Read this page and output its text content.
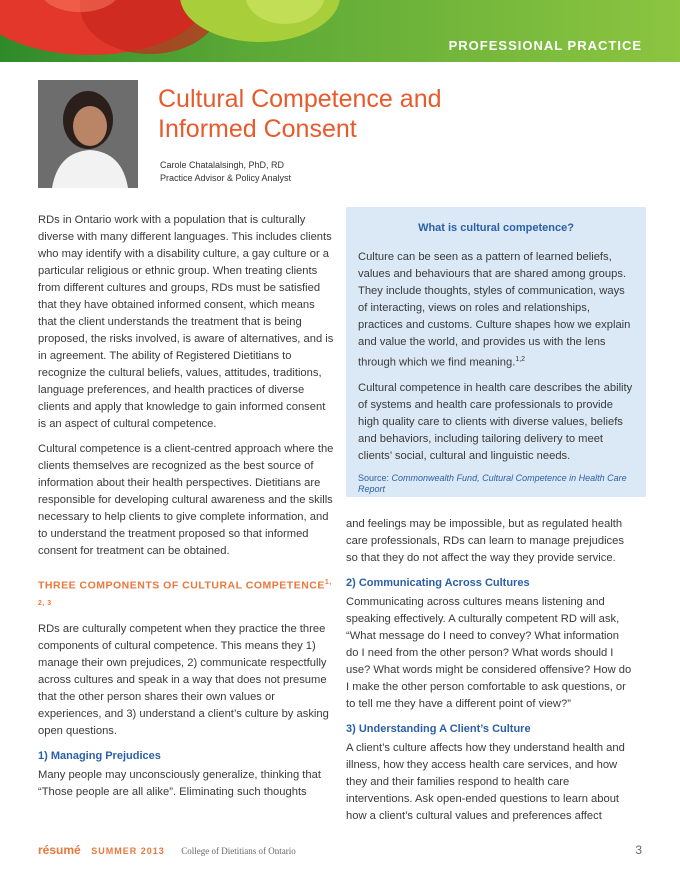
PROFESSIONAL PRACTICE
Cultural Competence and
Informed Consent
Carole Chatalalsingh, PhD, RD
Practice Advisor & Policy Analyst

RDs in Ontario work with a population that is culturally diverse with many different languages. This includes clients who may identify with a disability culture, a gay culture or a particular religious or ethnic group. When treating clients from different cultures and groups, RDs must be satisfied that they have obtained informed consent, which means that the client understands the treatment that is being proposed, the risks involved, is aware of alternatives, and is in agreement. The ability of Registered Dietitians to recognize the cultural beliefs, values, attitudes, traditions, language preferences, and health practices of diverse clients and apply that knowledge to gain informed consent is an aspect of cultural competence.

Cultural competence is a client-centred approach where the clients themselves are recognized as the best source of information about their health perspectives. Dietitians are responsible for developing cultural awareness and the skills necessary to help clients to give complete information, and to understand the treatment proposed so that informed consent for treatment can be obtained.

THREE COMPONENTS OF CULTURAL COMPETENCE$^{1, 2, 3}$

RDs are culturally competent when they practice the three components of cultural competence. This means they 1) manage their own prejudices, 2) communicate respectfully across cultures and speak in a way that does not presume that the other person shares their own values or experiences, and 3) understand a client’s culture by asking open questions.

1) Managing Prejudices

Many people may unconsciously generalize, thinking that “Those people are all alike”. Eliminating such thoughts

What is cultural competence?

Culture can be seen as a pattern of learned beliefs, values and behaviours that are shared among groups. They include thoughts, styles of communication, ways of interacting, views on roles and relationships, practices and customs. Culture shapes how we explain and value the world, and provides us with the lens through which we find meaning.$^{1,2}$

Cultural competence in health care describes the ability of systems and health care professionals to provide high quality care to clients with diverse values, beliefs and behaviors, including tailoring delivery to meet clients’ social, cultural and linguistic needs.

Source: Commonwealth Fund, Cultural Competence in Health Care Report

and feelings may be impossible, but as regulated health care professionals, RDs can learn to manage prejudices so that they do not affect the way they provide service.

2) Communicating Across Cultures

Communicating across cultures means listening and speaking effectively. A culturally competent RD will ask, “What message do I need to convey? What information do I need from the other person? What words should I use? What words might be considered offensive? How do I make the other person comfortable to ask questions, or to tell me they have a different point of view?”

3) Understanding A Client’s Culture

A client’s culture affects how they understand health and illness, how they access health care services, and how they and their families respond to health care interventions. Ask open-ended questions to learn about how a client’s cultural values and preferences affect

résumé SUMMER 2013 College of Dietitians of Ontario	3
